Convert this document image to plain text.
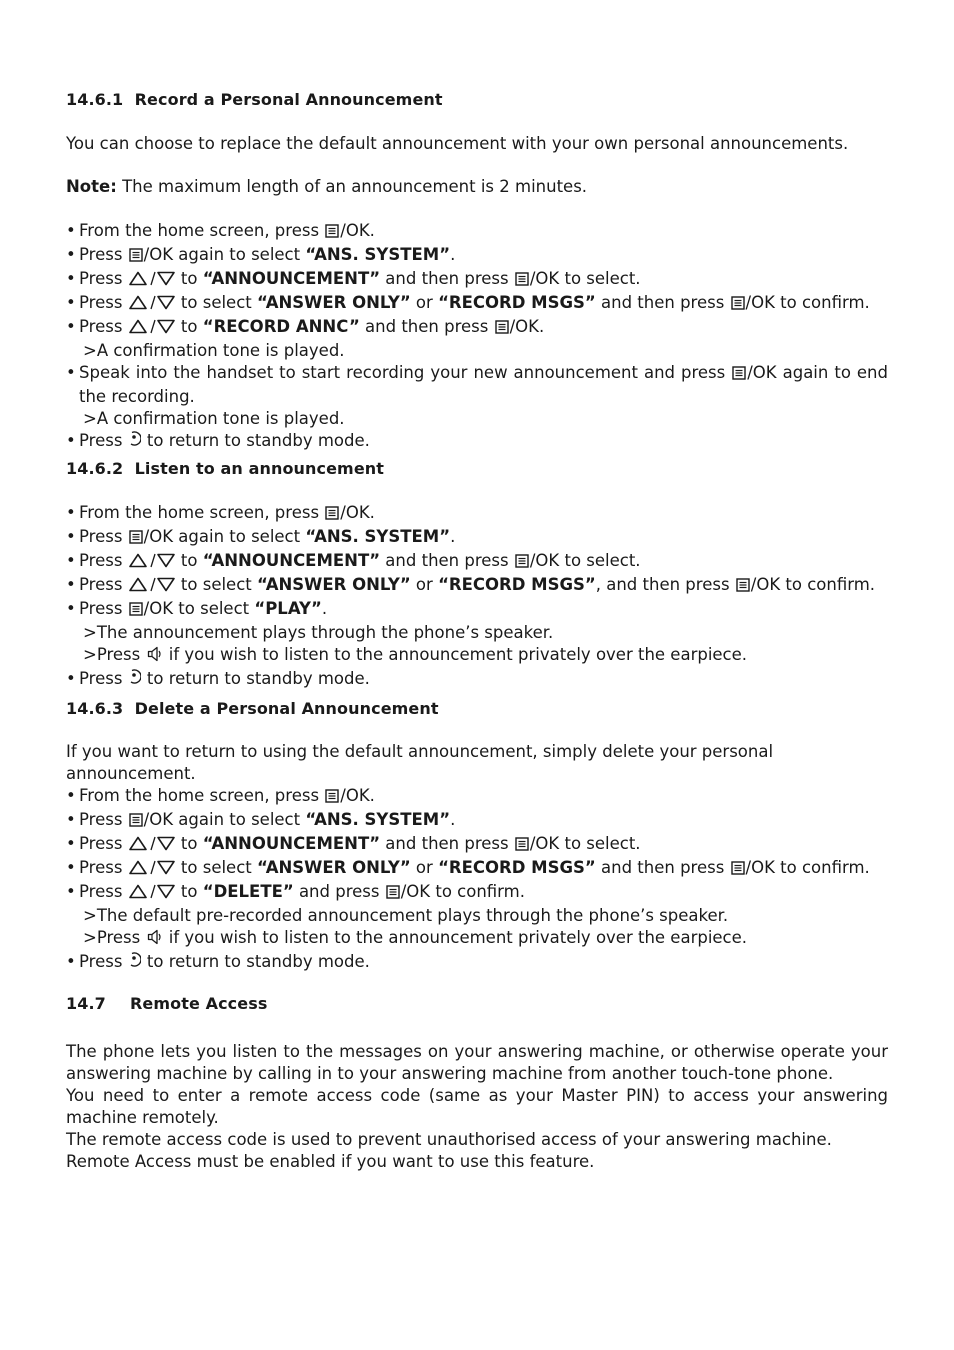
14.6.1 Record a Personal Announcement

You can choose to replace the default announcement with your own personal announcements.

Note: The maximum length of an announcement is 2 minutes.

• From the home screen, press /OK.
• Press /OK again to select “ANS. SYSTEM”.
• Press	to “ANNOUNCEMENT” and then press /OK to select.
• Press	to select “ANSWER ONLY” or “RECORD MSGS” and then press /OK to confirm.
• Press	to “RECORD ANNC” and then press /OK.
>A confirmation tone is played.
• Speak into the handset to start recording your new announcement and press /OK again to end the recording.
>A confirmation tone is played.
• Press  to return to standby mode.
14.6.2 Listen to an announcement
• From the home screen, press /OK.
• Press /OK again to select “ANS. SYSTEM”.
• Press	to “ANNOUNCEMENT” and then press /OK to select.
• Press	to select “ANSWER ONLY” or “RECORD MSGS”, and then press /OK to confirm.
• Press /OK to select “PLAY”.
>The announcement plays through the phone’s speaker.
>Press  if you wish to listen to the announcement privately over the earpiece.
• Press  to return to standby mode.
14.6.3 Delete a Personal Announcement

If you want to return to using the default announcement, simply delete your personal announcement.

• From the home screen, press /OK.
• Press /OK again to select “ANS. SYSTEM”.
• Press	to “ANNOUNCEMENT” and then press /OK to select.
• Press	to select “ANSWER ONLY” or “RECORD MSGS” and then press /OK to confirm.
• Press	to “DELETE” and press /OK to confirm.
>The default pre-recorded announcement plays through the phone’s speaker.
>Press  if you wish to listen to the announcement privately over the earpiece.
• Press  to return to standby mode.
14.7 Remote Access

The phone lets you listen to the messages on your answering machine, or otherwise operate your answering machine by calling in to your answering machine from another touch-tone phone.

You need to enter a remote access code (same as your Master PIN) to access your answering machine remotely.

The remote access code is used to prevent unauthorised access of your answering machine.

Remote Access must be enabled if you want to use this feature.
